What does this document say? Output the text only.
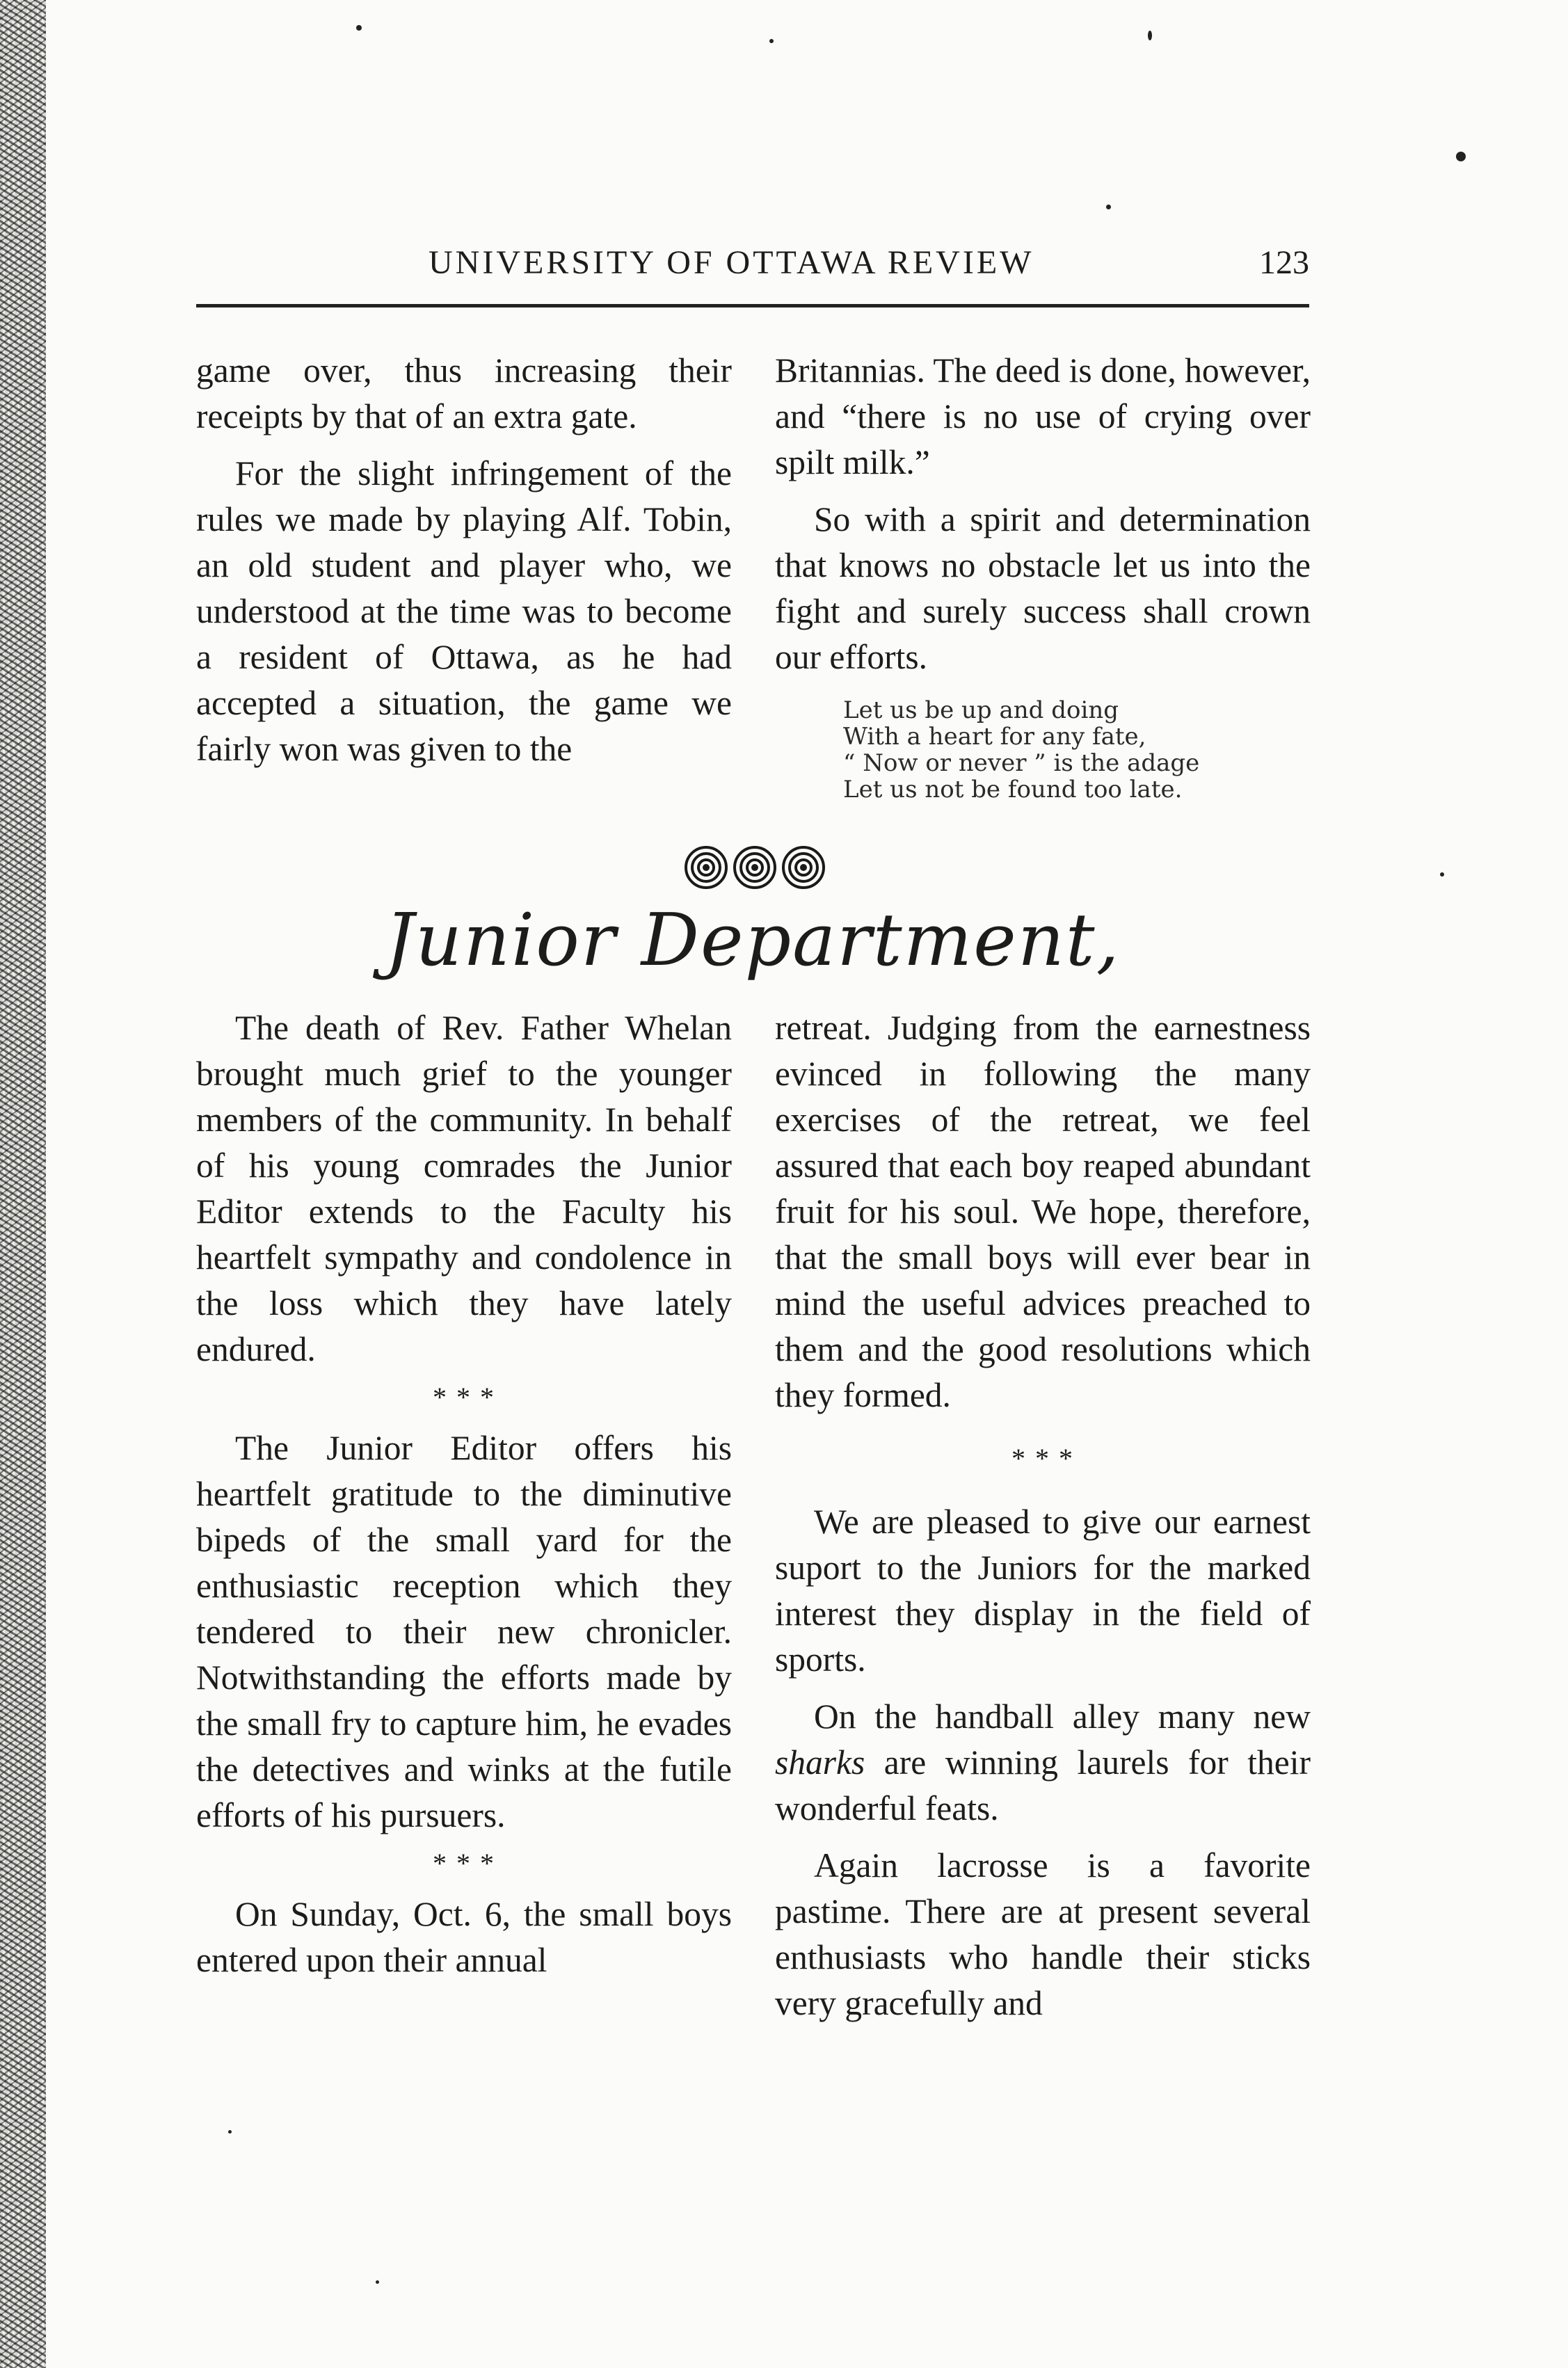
UNIVERSITY OF OTTAWA REVIEW	123

game over, thus increasing their receipts by that of an extra gate.

For the slight infringement of the rules we made by playing Alf. Tobin, an old student and player who, we understood at the time was to become a resident of Ottawa, as he had accepted a situation, the game we fairly won was given to the

Britannias. The deed is done, however, and “there is no use of crying over spilt milk.”

So with a spirit and determination that knows no obstacle let us into the fight and surely success shall crown our efforts.

Let us be up and doing
With a heart for any fate,
“ Now or never ” is the adage
Let us not be found too late.
Junior Department,

The death of Rev. Father Whelan brought much grief to the younger members of the community. In behalf of his young comrades the Junior Editor extends to the Faculty his heartfelt sympathy and condolence in the loss which they have lately endured.

* * *

The Junior Editor offers his heartfelt gratitude to the diminutive bipeds of the small yard for the enthusiastic reception which they tendered to their new chronicler. Notwithstanding the efforts made by the small fry to capture him, he evades the detectives and winks at the futile efforts of his pursuers.

* * *

On Sunday, Oct. 6, the small boys entered upon their annual

retreat. Judging from the earnestness evinced in following the many exercises of the retreat, we feel assured that each boy reaped abundant fruit for his soul. We hope, therefore, that the small boys will ever bear in mind the useful advices preached to them and the good resolutions which they formed.

* * *

We are pleased to give our earnest suport to the Juniors for the marked interest they display in the field of sports.

On the handball alley many new sharks are winning laurels for their wonderful feats.

Again lacrosse is a favorite pastime. There are at present several enthusiasts who handle their sticks very gracefully and
